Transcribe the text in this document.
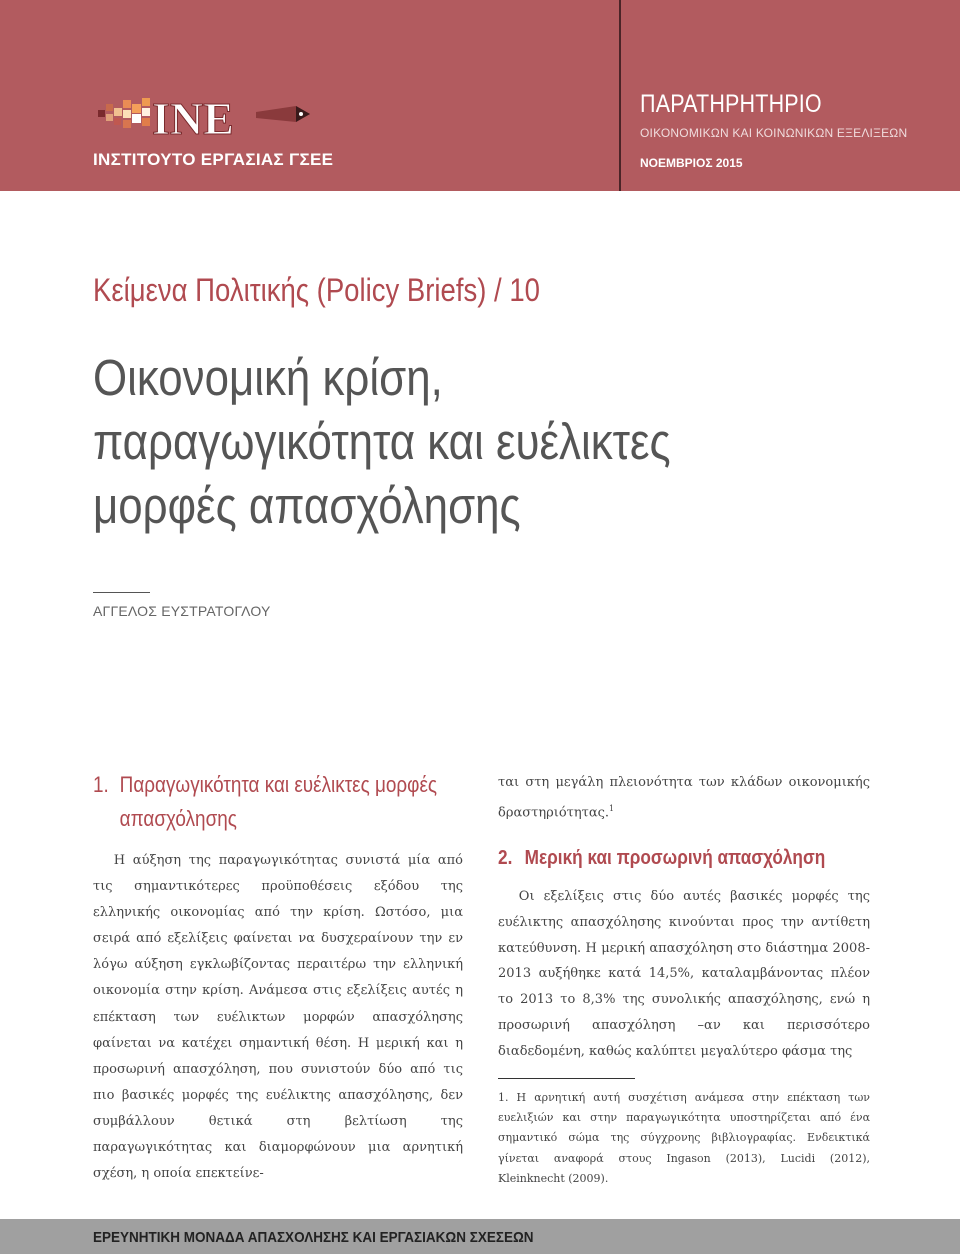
INE
ΙΝΣΤΙΤΟΥΤΟ ΕΡΓΑΣΙΑΣ ΓΣΕΕ
ΠΑΡΑΤΗΡΗΤΗΡΙΟ
ΟΙΚΟΝΟΜΙΚΩΝ ΚΑΙ ΚΟΙΝΩΝΙΚΩΝ ΕΞΕΛΙΞΕΩΝ
ΝΟΕΜΒΡΙΟΣ 2015
Κείμενα Πολιτικής (Policy Briefs) / 10
Οικονομική κρίση,
παραγωγικότητα και ευέλικτες
μορφές απασχόλησης
ΑΓΓΕΛΟΣ ΕΥΣΤΡΑΤΟΓΛΟΥ
1. Παραγωγικότητα και ευέλικτες μορφές
απασχόλησης

Η αύξηση της παραγωγικότητας συνιστά μία από τις σημαντικότερες προϋποθέσεις εξόδου της ελληνικής οικονομίας από την κρίση. Ωστόσο, μια σειρά από εξελίξεις φαίνεται να δυσχεραίνουν την εν λόγω αύξηση εγκλωβίζοντας περαιτέρω την ελληνική οικονομία στην κρίση. Ανάμεσα στις εξελίξεις αυτές η επέκταση των ευέλικτων μορφών απασχόλησης φαίνεται να κατέχει σημαντική θέση. Η μερική και η προσωρινή απασχόληση, που συνιστούν δύο από τις πιο βασικές μορφές της ευέλικτης απασχόλησης, δεν συμβάλλουν θετικά στη βελτίωση της παραγωγικότητας και διαμορφώνουν μια αρνητική σχέση, η οποία επεκτείνε-

ται στη μεγάλη πλειονότητα των κλάδων οικονομικής δραστηριότητας.$^1$

2. Μερική και προσωρινή απασχόληση

Οι εξελίξεις στις δύο αυτές βασικές μορφές της ευέλικτης απασχόλησης κινούνται προς την αντίθετη κατεύθυνση. Η μερική απασχόληση στο διάστημα 2008-2013 αυξήθηκε κατά 14,5%, καταλαμβάνοντας πλέον το 2013 το 8,3% της συνολικής απασχόλησης, ενώ η προσωρινή απασχόληση –αν και περισσότερο διαδεδομένη, καθώς καλύπτει μεγαλύτερο φάσμα της

1. Η αρνητική αυτή συσχέτιση ανάμεσα στην επέκταση των ευελιξιών και στην παραγωγικότητα υποστηρίζεται από ένα σημαντικό σώμα της σύγχρονης βιβλιογραφίας. Ενδεικτικά γίνεται αναφορά στους Ingason (2013), Lucidi (2012), Kleinknecht (2009).

ΕΡΕΥΝΗΤΙΚΗ ΜΟΝΑΔΑ ΑΠΑΣΧΟΛΗΣΗΣ ΚΑΙ ΕΡΓΑΣΙΑΚΩΝ ΣΧΕΣΕΩΝ
